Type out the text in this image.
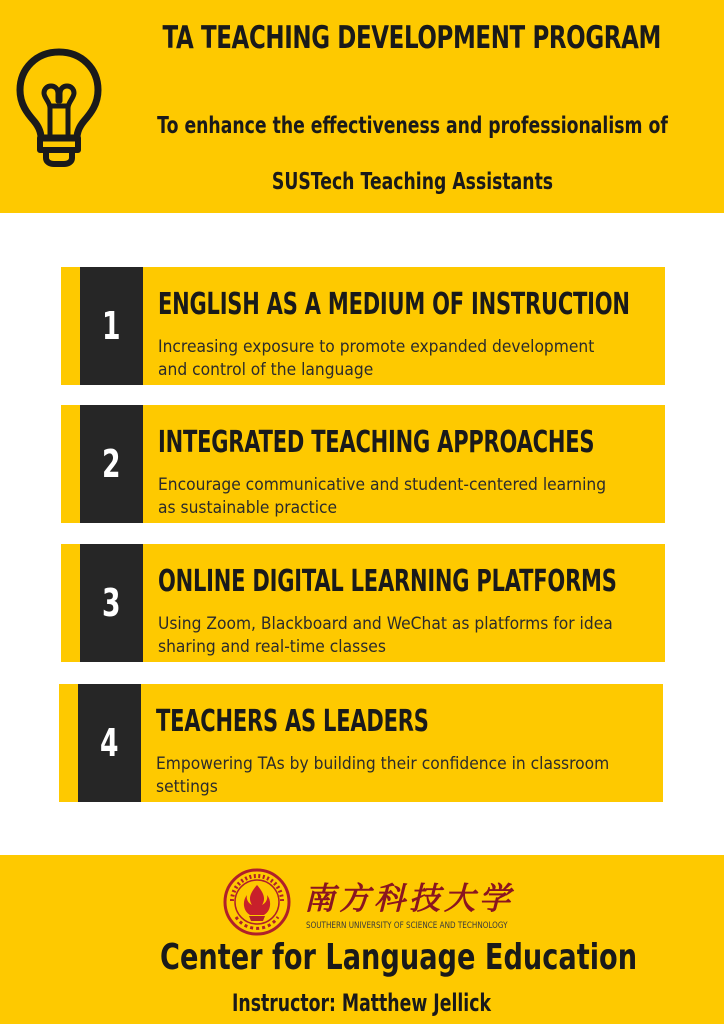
TA TEACHING DEVELOPMENT PROGRAM
To enhance the effectiveness and professionalism of
SUSTech Teaching Assistants
1 ENGLISH AS A MEDIUM OF INSTRUCTION
Increasing exposure to promote expanded development and control of the language
2 INTEGRATED TEACHING APPROACHES
Encourage communicative and student-centered learning as sustainable practice
3 ONLINE DIGITAL LEARNING PLATFORMS
Using Zoom, Blackboard and WeChat as platforms for idea sharing and real-time classes
4 TEACHERS AS LEADERS
Empowering TAs by building their confidence in classroom settings
南方科技大学
SOUTHERN UNIVERSITY OF SCIENCE AND TECHNOLOGY
Center for Language Education
Instructor: Matthew Jellick
